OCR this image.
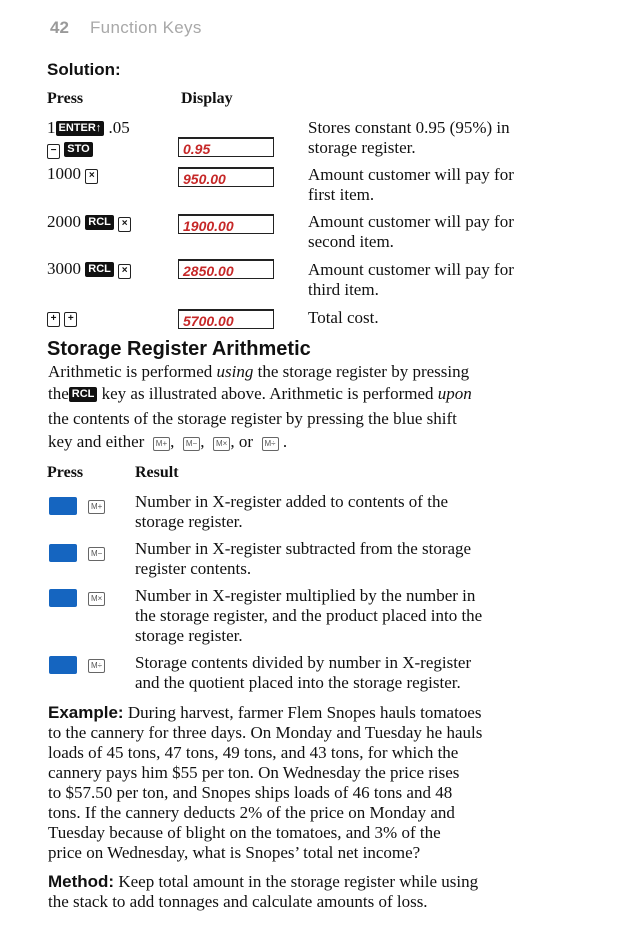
42 Function Keys
Solution:
Press	Display
1 ENTER↑ .05
− STO	0.95
Stores constant 0.95 (95%) in
storage register.
1000 ×	950.00	Amount customer will pay for
first item.
2000 RCL ×	1900.00	Amount customer will pay for
second item.
3000 RCL ×	2850.00	Amount customer will pay for
third item.
+ +	5700.00	Total cost.
Storage Register Arithmetic
Arithmetic is performed using the storage register by pressing
the RCL key as illustrated above. Arithmetic is performed upon
the contents of the storage register by pressing the blue shift
key and either M+ , M− , M× , or M÷ .
Press	Result
M+ Number in X-register added to contents of the
storage register.
M− Number in X-register subtracted from the storage
register contents.
M× Number in X-register multiplied by the number in
the storage register, and the product placed into the
storage register.
M÷ Storage contents divided by number in X-register
and the quotient placed into the storage register.
Example: During harvest, farmer Flem Snopes hauls tomatoes
to the cannery for three days. On Monday and Tuesday he hauls
loads of 45 tons, 47 tons, 49 tons, and 43 tons, for which the
cannery pays him $55 per ton. On Wednesday the price rises
to $57.50 per ton, and Snopes ships loads of 46 tons and 48
tons. If the cannery deducts 2% of the price on Monday and
Tuesday because of blight on the tomatoes, and 3% of the
price on Wednesday, what is Snopes’ total net income?
Method: Keep total amount in the storage register while using
the stack to add tonnages and calculate amounts of loss.
